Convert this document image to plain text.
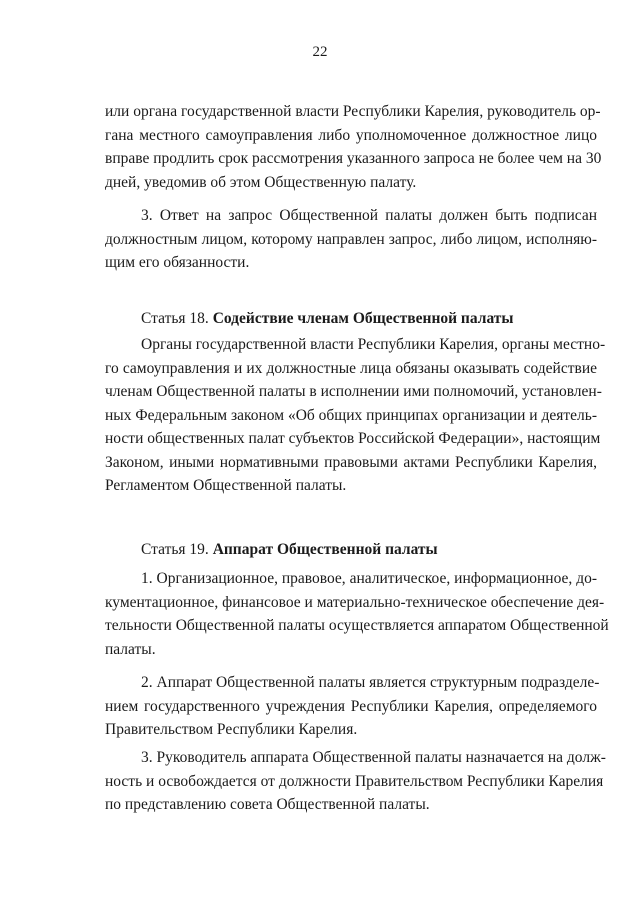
22
или органа государственной власти Республики Карелия, руководитель ор-
гана местного самоуправления либо уполномоченное должностное лицо
вправе продлить срок рассмотрения указанного запроса не более чем на 30
дней, уведомив об этом Общественную палату.
3. Ответ на запрос Общественной палаты должен быть подписан
должностным лицом, которому направлен запрос, либо лицом, исполняю-
щим его обязанности.
Статья 18. Содействие членам Общественной палаты
Органы государственной власти Республики Карелия, органы местно-
го самоуправления и их должностные лица обязаны оказывать содействие
членам Общественной палаты в исполнении ими полномочий, установлен-
ных Федеральным законом «Об общих принципах организации и деятель-
ности общественных палат субъектов Российской Федерации», настоящим
Законом, иными нормативными правовыми актами Республики Карелия,
Регламентом Общественной палаты.
Статья 19. Аппарат Общественной палаты
1. Организационное, правовое, аналитическое, информационное, до-
кументационное, финансовое и материально-техническое обеспечение дея-
тельности Общественной палаты осуществляется аппаратом Общественной
палаты.
2. Аппарат Общественной палаты является структурным подразделе-
нием государственного учреждения Республики Карелия, определяемого
Правительством Республики Карелия.
3. Руководитель аппарата Общественной палаты назначается на долж-
ность и освобождается от должности Правительством Республики Карелия
по представлению совета Общественной палаты.
